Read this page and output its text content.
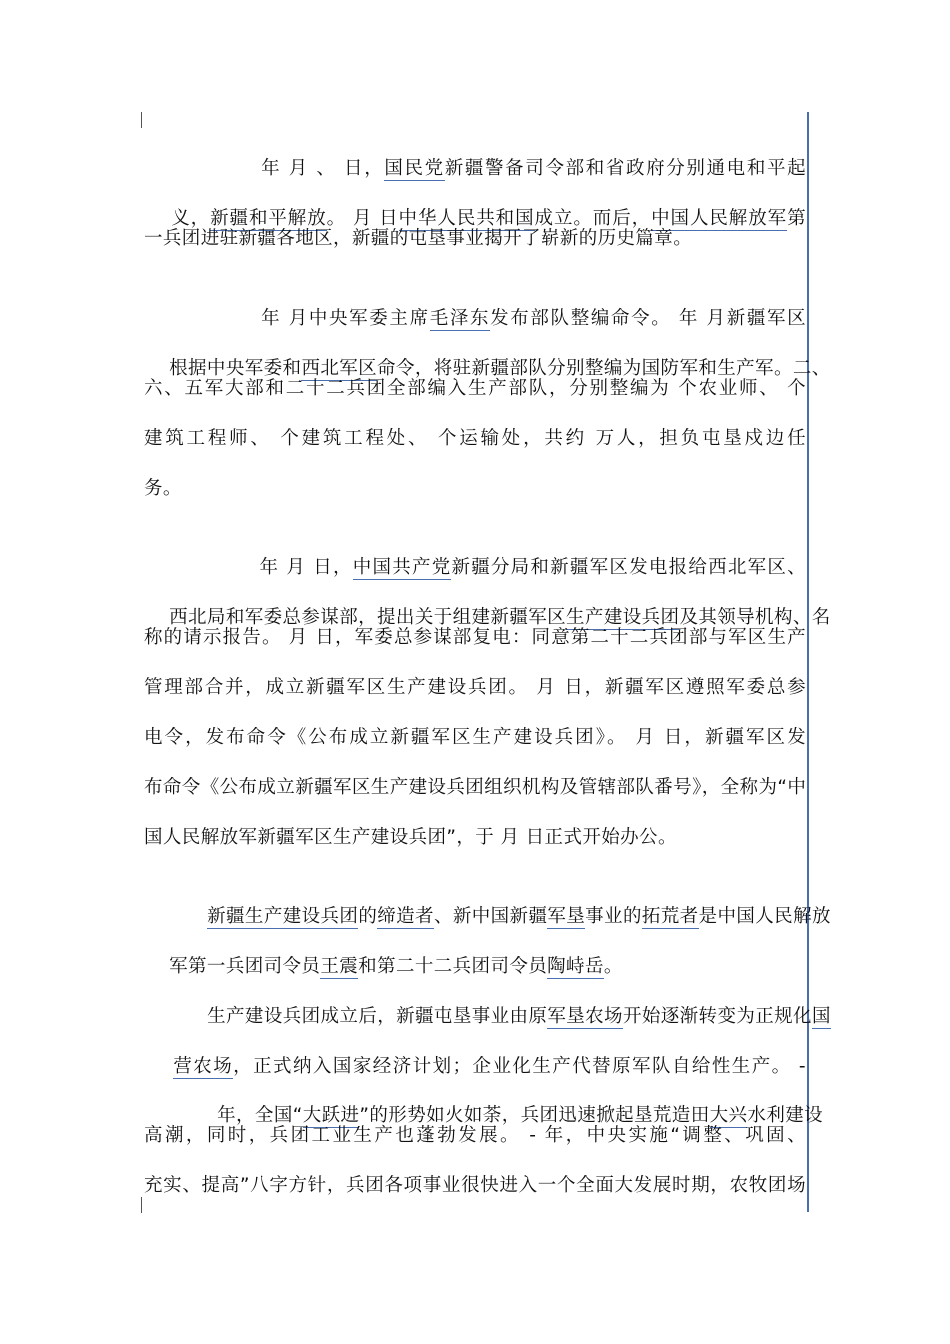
年 月 、 日，国民党新疆警备司令部和省政府分别通电和平起

义，新疆和平解放。 月 日中华人民共和国成立。而后，中国人民解放军第

一兵团进驻新疆各地区，新疆的屯垦事业揭开了崭新的历史篇章。

年 月中央军委主席毛泽东发布部队整编命令。 年 月新疆军区

根据中央军委和西北军区命令，将驻新疆部队分别整编为国防军和生产军。二、

六、五军大部和二十二兵团全部编入生产部队，分别整编为 个农业师、 个
建筑工程师、 个建筑工程处、 个运输处，共约 万人，担负屯垦戍边任
务。

年 月 日，中国共产党新疆分局和新疆军区发电报给西北军区、

西北局和军委总参谋部，提出关于组建新疆军区生产建设兵团及其领导机构、名

称的请示报告。 月 日，军委总参谋部复电：同意第二十二兵团部与军区生产
管理部合并，成立新疆军区生产建设兵团。 月 日，新疆军区遵照军委总参
电令，发布命令《公布成立新疆军区生产建设兵团》。 月 日，新疆军区发
布命令《公布成立新疆军区生产建设兵团组织机构及管辖部队番号》，全称为“中
国人民解放军新疆军区生产建设兵团”，于 月 日正式开始办公。

新疆生产建设兵团的缔造者、新中国新疆军垦事业的拓荒者是中国人民解放

军第一兵团司令员王震和第二十二兵团司令员陶峙岳。

生产建设兵团成立后，新疆屯垦事业由原军垦农场开始逐渐转变为正规化国

营农场，正式纳入国家经济计划；企业化生产代替原军队自给性生产。 -

年，全国“大跃进”的形势如火如荼，兵团迅速掀起垦荒造田大兴水利建设

高潮，同时，兵团工业生产也蓬勃发展。 - 年，中央实施“调整、巩固、
充实、提高”八字方针，兵团各项事业很快进入一个全面大发展时期，农牧团场
